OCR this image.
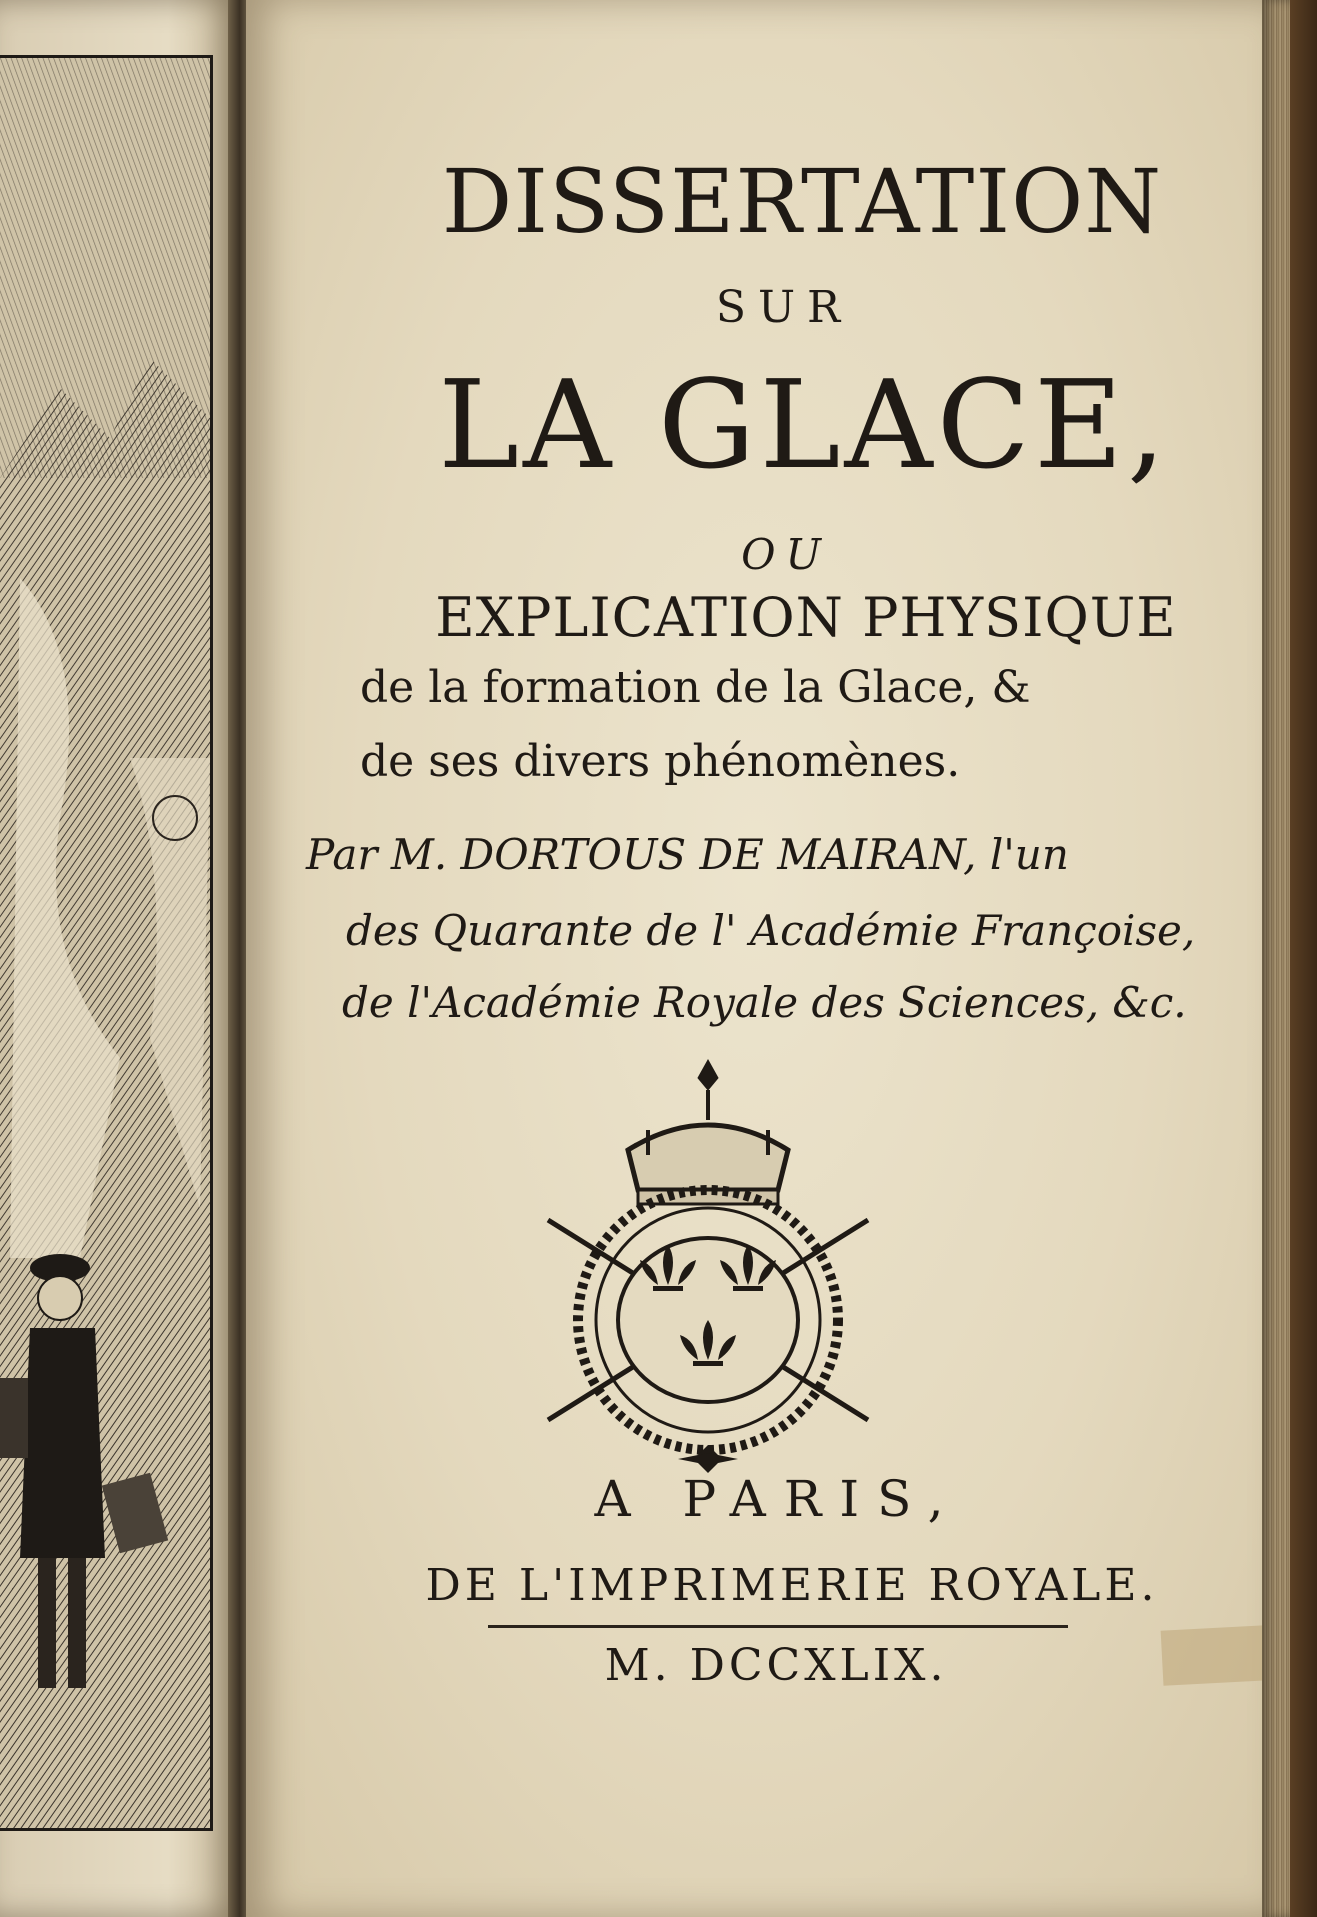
DISSERTATION
SUR
LA GLACE,
OU
EXPLICATION PHYSIQUE
de la formation de la Glace, &
de ses divers phénomènes.
Par M. DORTOUS DE MAIRAN, l'un
des Quarante de l' Académie Françoise,
de l'Académie Royale des Sciences, &c.
A PARIS,
DE L'IMPRIMERIE ROYALE.
M. DCCXLIX.
